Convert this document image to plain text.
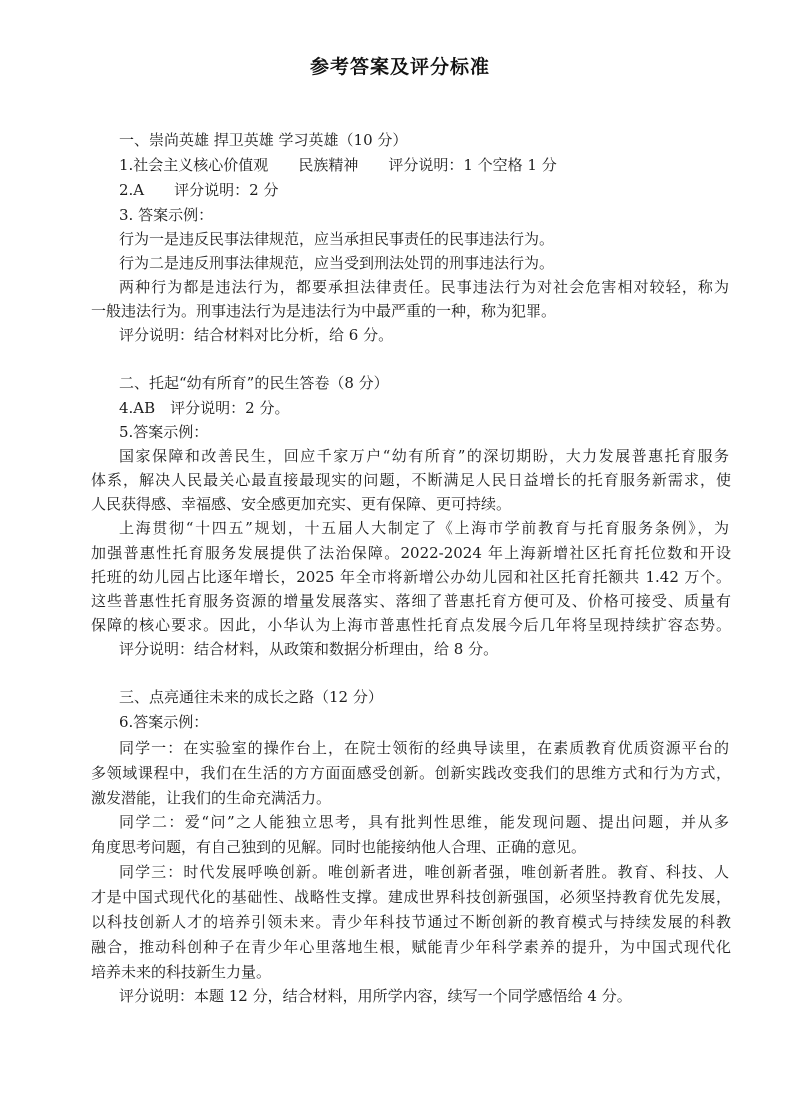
参考答案及评分标准
一、崇尚英雄 捍卫英雄 学习英雄（10 分）
1.社会主义核心价值观　　民族精神　　评分说明：1 个空格 1 分
2.A　　评分说明：2 分
3. 答案示例：
行为一是违反民事法律规范，应当承担民事责任的民事违法行为。
行为二是违反刑事法律规范，应当受到刑法处罚的刑事违法行为。
两种行为都是违法行为，都要承担法律责任。民事违法行为对社会危害相对较轻，称为
一般违法行为。刑事违法行为是违法行为中最严重的一种，称为犯罪。
评分说明：结合材料对比分析，给 6 分。
二、托起“幼有所育”的民生答卷（8 分）
4.AB　评分说明：2 分。
5.答案示例：
国家保障和改善民生，回应千家万户“幼有所育”的深切期盼，大力发展普惠托育服务
体系，解决人民最关心最直接最现实的问题，不断满足人民日益增长的托育服务新需求，使
人民获得感、幸福感、安全感更加充实、更有保障、更可持续。
上海贯彻“十四五”规划，十五届人大制定了《上海市学前教育与托育服务条例》，为
加强普惠性托育服务发展提供了法治保障。2022-2024 年上海新增社区托育托位数和开设
托班的幼儿园占比逐年增长，2025 年全市将新增公办幼儿园和社区托育托额共 1.42 万个。
这些普惠性托育服务资源的增量发展落实、落细了普惠托育方便可及、价格可接受、质量有
保障的核心要求。因此，小华认为上海市普惠性托育点发展今后几年将呈现持续扩容态势。
评分说明：结合材料，从政策和数据分析理由，给 8 分。
三、点亮通往未来的成长之路（12 分）
6.答案示例：
同学一：在实验室的操作台上，在院士领衔的经典导读里，在素质教育优质资源平台的
多领域课程中，我们在生活的方方面面感受创新。创新实践改变我们的思维方式和行为方式，
激发潜能，让我们的生命充满活力。
同学二：爱“问”之人能独立思考，具有批判性思维，能发现问题、提出问题，并从多
角度思考问题，有自己独到的见解。同时也能接纳他人合理、正确的意见。
同学三：时代发展呼唤创新。唯创新者进，唯创新者强，唯创新者胜。教育、科技、人
才是中国式现代化的基础性、战略性支撑。建成世界科技创新强国，必须坚持教育优先发展，
以科技创新人才的培养引领未来。青少年科技节通过不断创新的教育模式与持续发展的科教
融合，推动科创种子在青少年心里落地生根，赋能青少年科学素养的提升，为中国式现代化
培养未来的科技新生力量。
评分说明：本题 12 分，结合材料，用所学内容，续写一个同学感悟给 4 分。
